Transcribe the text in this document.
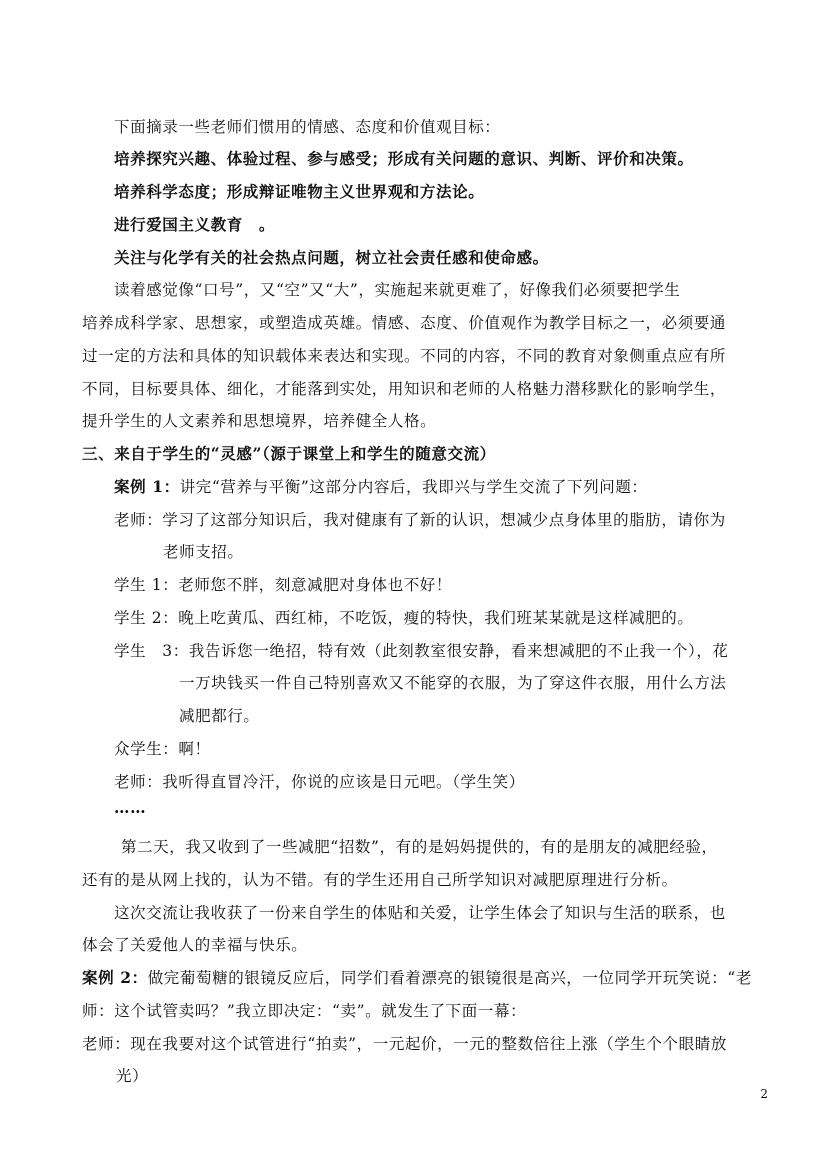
下面摘录一些老师们惯用的情感、态度和价值观目标：
培养探究兴趣、体验过程、参与感受；形成有关问题的意识、判断、评价和决策。
培养科学态度；形成辩证唯物主义世界观和方法论。
进行爱国主义教育　。
关注与化学有关的社会热点问题，树立社会责任感和使命感。
读着感觉像“口号”，又“空”又“大”，实施起来就更难了，好像我们必须要把学生
培养成科学家、思想家，或塑造成英雄。情感、态度、价值观作为教学目标之一，必须要通
过一定的方法和具体的知识载体来表达和实现。不同的内容，不同的教育对象侧重点应有所
不同，目标要具体、细化，才能落到实处，用知识和老师的人格魅力潜移默化的影响学生，
提升学生的人文素养和思想境界，培养健全人格。
三、来自于学生的“灵感”（源于课堂上和学生的随意交流）
案例 1：讲完“营养与平衡”这部分内容后，我即兴与学生交流了下列问题：
老师：学习了这部分知识后，我对健康有了新的认识，想减少点身体里的脂肪，请你为
老师支招。
学生 1：老师您不胖，刻意减肥对身体也不好！
学生 2：晚上吃黄瓜、西红柿，不吃饭，瘦的特快，我们班某某就是这样减肥的。
学生　3：我告诉您一绝招，特有效（此刻教室很安静，看来想减肥的不止我一个），花
一万块钱买一件自己特别喜欢又不能穿的衣服，为了穿这件衣服，用什么方法
减肥都行。
众学生：啊！
老师：我听得直冒冷汗，你说的应该是日元吧。（学生笑）
……
第二天，我又收到了一些减肥“招数”，有的是妈妈提供的，有的是朋友的减肥经验，
还有的是从网上找的，认为不错。有的学生还用自己所学知识对减肥原理进行分析。
这次交流让我收获了一份来自学生的体贴和关爱，让学生体会了知识与生活的联系，也
体会了关爱他人的幸福与快乐。
案例 2：做完葡萄糖的银镜反应后，同学们看着漂亮的银镜很是高兴，一位同学开玩笑说：“老
师：这个试管卖吗？”我立即决定：“卖”。就发生了下面一幕：
老师：现在我要对这个试管进行“拍卖”，一元起价，一元的整数倍往上涨（学生个个眼睛放
光）
2
